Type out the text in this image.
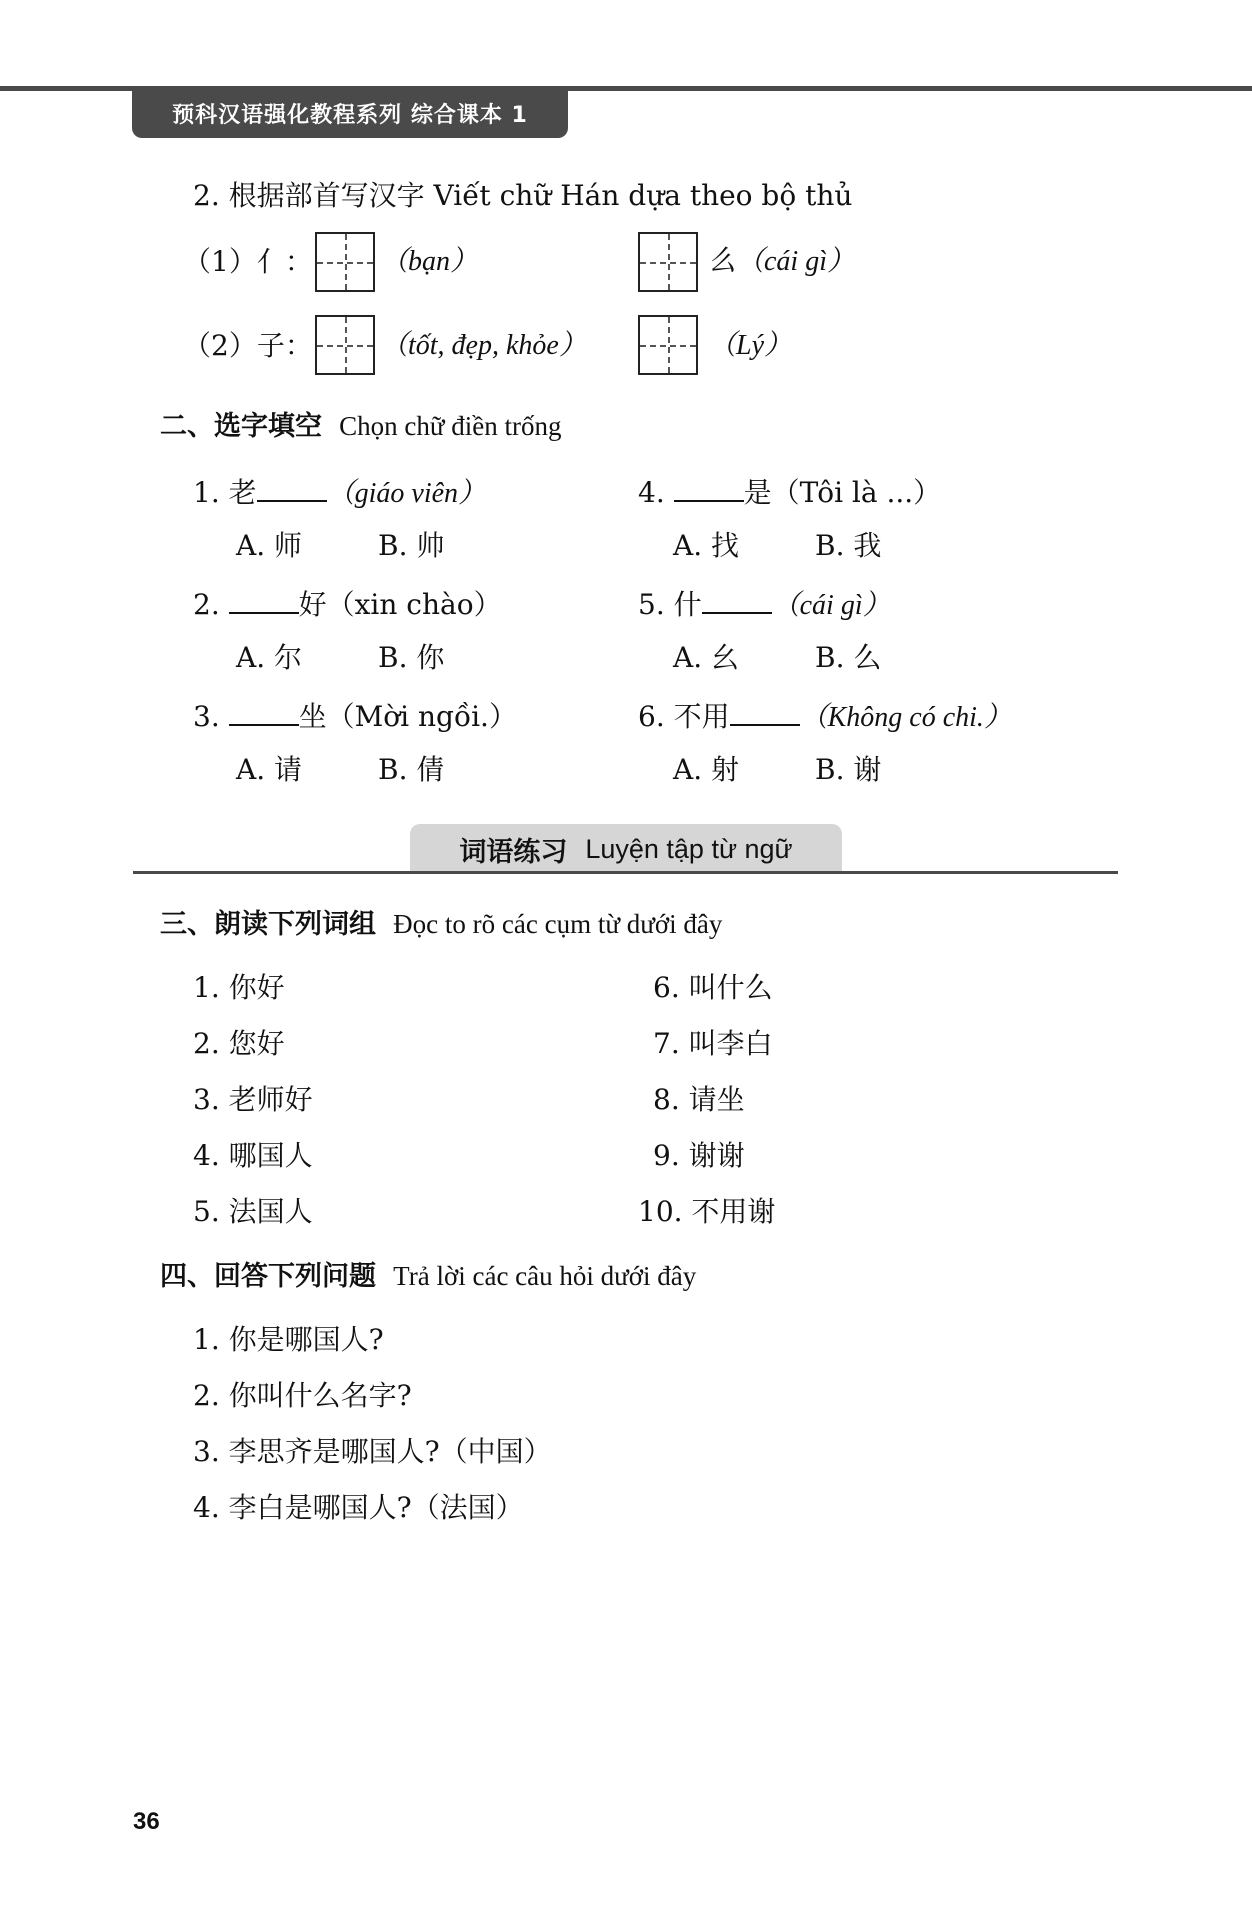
预科汉语强化教程系列 综合课本 1
2. 根据部首写汉字 Viết chữ Hán dựa theo bộ thủ
（1）亻： （bạn）	么（cái gì）
（2）子： （tốt, đẹp, khỏe）	（Lý）
二、选字填空 Chọn chữ điền trống
1. 老	（giáo viên）
A. 师	B. 帅
4.	是（Tôi là ...）
A. 找	B. 我
2.	好（xin chào）
A. 尔	B. 你
5. 什	（cái gì）
A. 幺	B. 么
3.	坐（Mời ngồi.）
A. 请	B. 倩
6. 不用	（Không có chi.）
A. 射	B. 谢
词语练习 Luyện tập từ ngữ
三、朗读下列词组 Đọc to rõ các cụm từ dưới đây
1. 你好
2. 您好
3. 老师好
4. 哪国人
5. 法国人
6. 叫什么
7. 叫李白
8. 请坐
9. 谢谢
10. 不用谢
四、回答下列问题 Trả lời các câu hỏi dưới đây
1. 你是哪国人?
2. 你叫什么名字?
3. 李思齐是哪国人?（中国）
4. 李白是哪国人?（法国）
36
